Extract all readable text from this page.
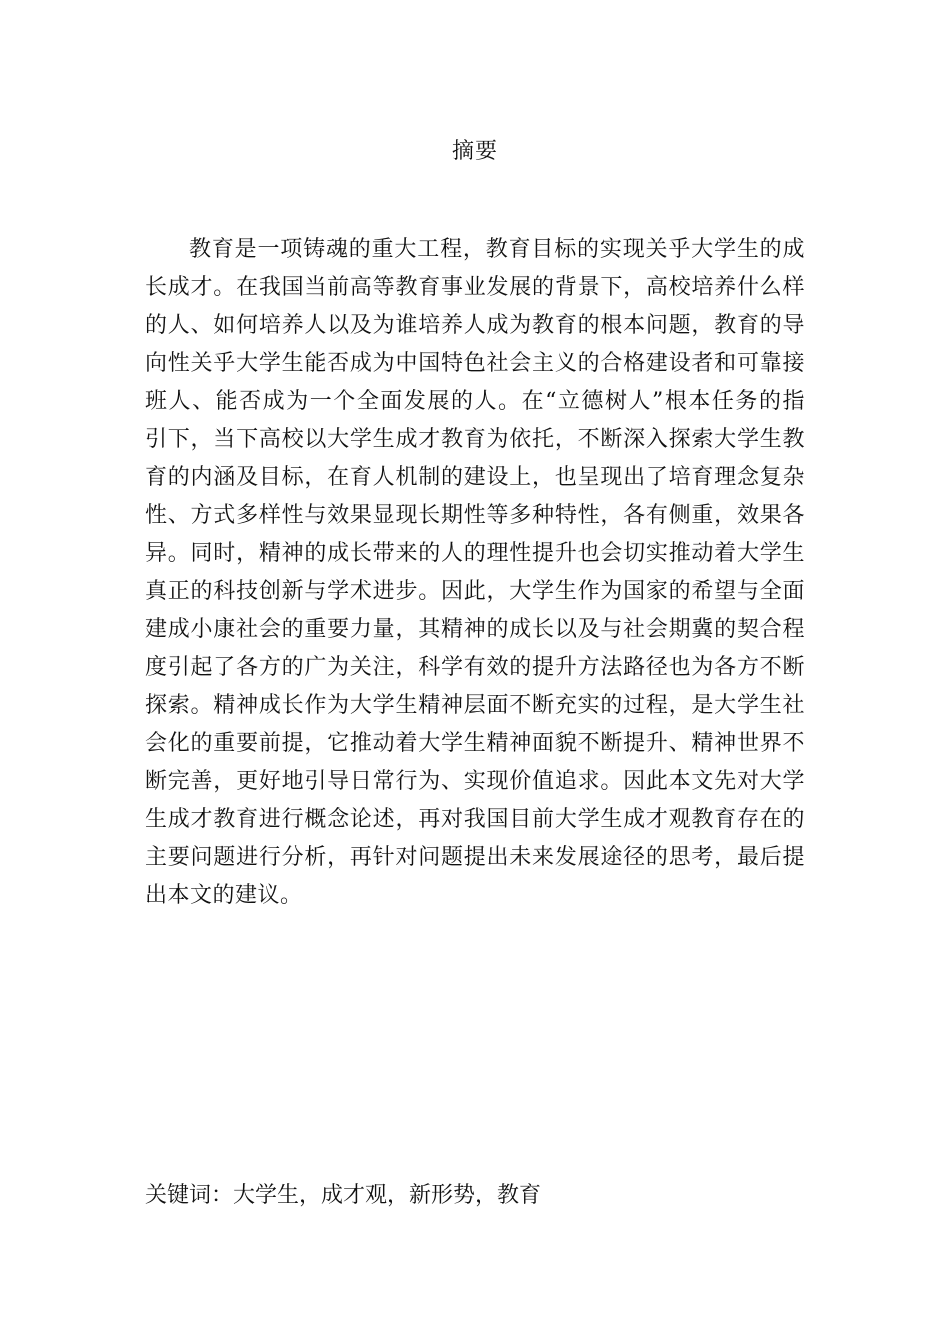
摘要
教育是一项铸魂的重大工程，教育目标的实现关乎大学生的成
长成才。在我国当前高等教育事业发展的背景下，高校培养什么样
的人、如何培养人以及为谁培养人成为教育的根本问题，教育的导
向性关乎大学生能否成为中国特色社会主义的合格建设者和可靠接
班人、能否成为一个全面发展的人。在“立德树人”根本任务的指
引下，当下高校以大学生成才教育为依托，不断深入探索大学生教
育的内涵及目标，在育人机制的建设上，也呈现出了培育理念复杂
性、方式多样性与效果显现长期性等多种特性，各有侧重，效果各
异。同时，精神的成长带来的人的理性提升也会切实推动着大学生
真正的科技创新与学术进步。因此，大学生作为国家的希望与全面
建成小康社会的重要力量，其精神的成长以及与社会期冀的契合程
度引起了各方的广为关注，科学有效的提升方法路径也为各方不断
探索。精神成长作为大学生精神层面不断充实的过程，是大学生社
会化的重要前提，它推动着大学生精神面貌不断提升、精神世界不
断完善，更好地引导日常行为、实现价值追求。因此本文先对大学
生成才教育进行概念论述，再对我国目前大学生成才观教育存在的
主要问题进行分析，再针对问题提出未来发展途径的思考，最后提
出本文的建议。
关键词：大学生，成才观，新形势，教育
